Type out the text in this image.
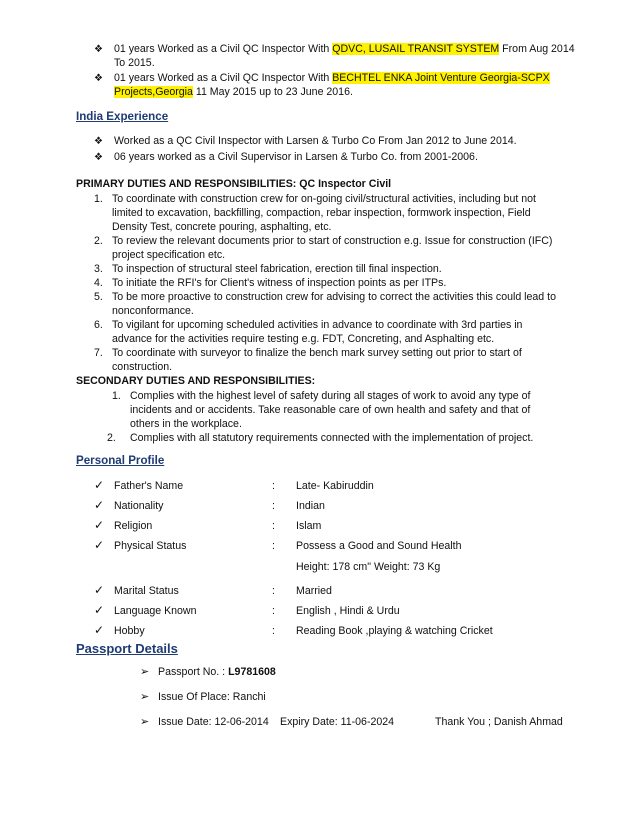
❖ 01 years Worked as a Civil QC Inspector With QDVC, LUSAIL TRANSIT SYSTEM From Aug 2014
To 2015.
❖ 01 years Worked as a Civil QC Inspector With BECHTEL ENKA Joint Venture Georgia-SCPX
Projects,Georgia 11 May 2015 up to 23 June 2016.
India Experience
❖ Worked as a QC Civil Inspector with Larsen & Turbo Co From Jan 2012 to June 2014.
❖ 06 years worked as a Civil Supervisor in Larsen & Turbo Co. from 2001-2006.
PRIMARY DUTIES AND RESPONSIBILITIES: QC Inspector Civil
1. To coordinate with construction crew for on-going civil/structural activities, including but not
limited to excavation, backfilling, compaction, rebar inspection, formwork inspection, Field
Density Test, concrete pouring, asphalting, etc.
2. To review the relevant documents prior to start of construction e.g. Issue for construction (IFC)
project specification etc.
3. To inspection of structural steel fabrication, erection till final inspection.
4. To initiate the RFI's for Client's witness of inspection points as per ITPs.
5. To be more proactive to construction crew for advising to correct the activities this could lead to
nonconformance.
6. To vigilant for upcoming scheduled activities in advance to coordinate with 3rd parties in
advance for the activities require testing e.g. FDT, Concreting, and Asphalting etc.
7. To coordinate with surveyor to finalize the bench mark survey setting out prior to start of
construction.
SECONDARY DUTIES AND RESPONSIBILITIES:
1. Complies with the highest level of safety during all stages of work to avoid any type of
incidents and or accidents. Take reasonable care of own health and safety and that of
others in the workplace.
2. Complies with all statutory requirements connected with the implementation of project.
Personal Profile
✓ Father's Name	: Late- Kabiruddin
✓ Nationality	: Indian
✓ Religion	: Islam
✓ Physical Status	: Possess a Good and Sound Health
Height: 178 cm" Weight: 73 Kg
✓ Marital Status	: Married
✓ Language Known	: English , Hindi & Urdu
✓ Hobby	: Reading Book ,playing & watching Cricket
Passport Details
➢ Passport No. : L9781608
➢ Issue Of Place: Ranchi
➢ Issue Date: 12-06-2014 Expiry Date: 11-06-2024	Thank You ; Danish Ahmad
